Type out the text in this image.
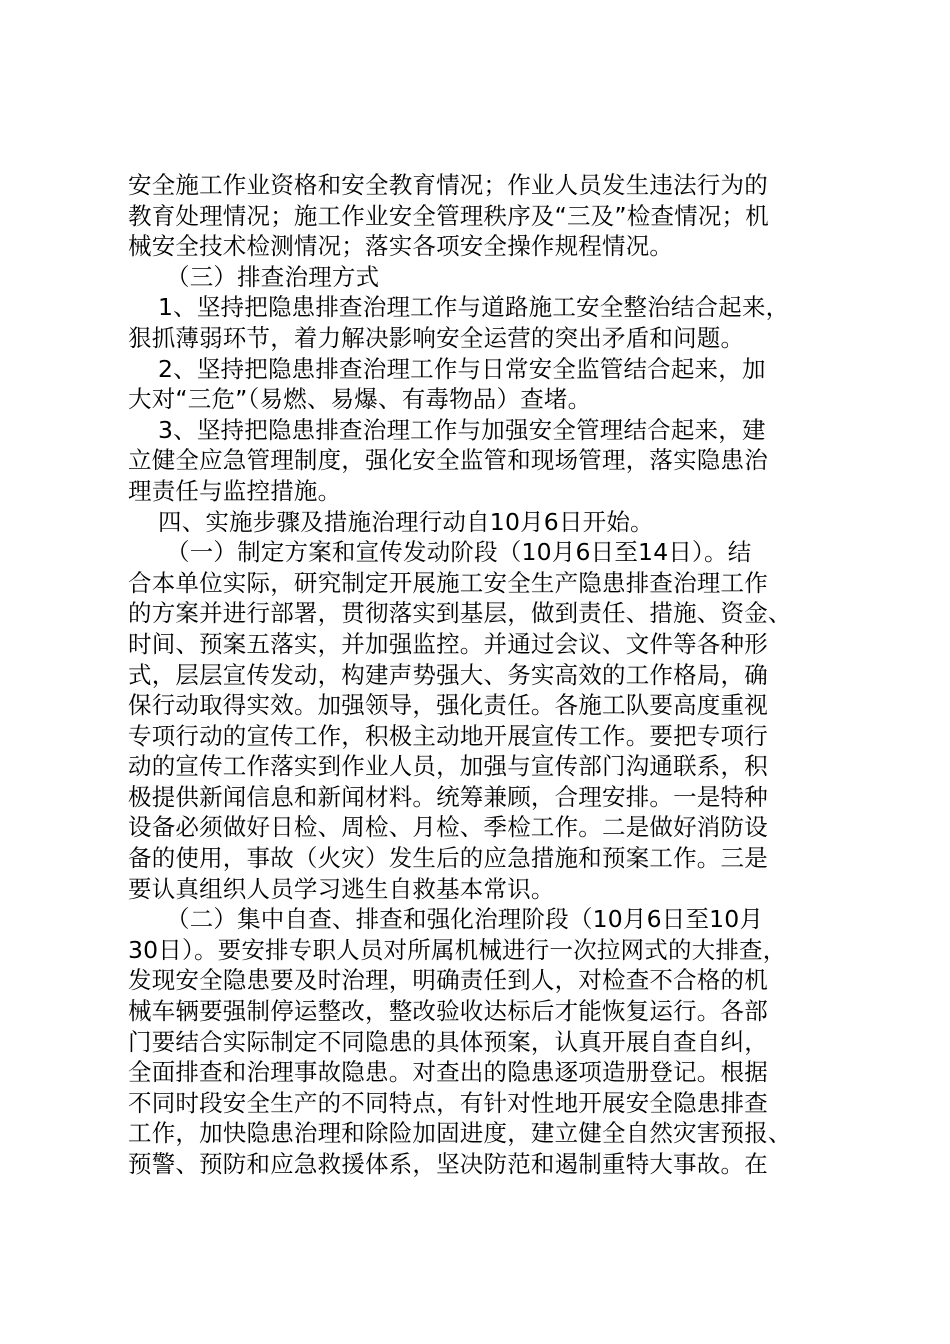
安全施工作业资格和安全教育情况；作业人员发生违法行为的
教育处理情况；施工作业安全管理秩序及“三及”检查情况；机
械安全技术检测情况；落实各项安全操作规程情况。
（三）排查治理方式
1、坚持把隐患排查治理工作与道路施工安全整治结合起来，
狠抓薄弱环节，着力解决影响安全运营的突出矛盾和问题。
2、坚持把隐患排查治理工作与日常安全监管结合起来，加
大对“三危”（易燃、易爆、有毒物品）查堵。
3、坚持把隐患排查治理工作与加强安全管理结合起来，建
立健全应急管理制度，强化安全监管和现场管理，落实隐患治
理责任与监控措施。
四、实施步骤及措施治理行动自10月6日开始。
（一）制定方案和宣传发动阶段（10月6日至14日）。结
合本单位实际，研究制定开展施工安全生产隐患排查治理工作
的方案并进行部署，贯彻落实到基层，做到责任、措施、资金、
时间、预案五落实，并加强监控。并通过会议、文件等各种形
式，层层宣传发动，构建声势强大、务实高效的工作格局，确
保行动取得实效。加强领导，强化责任。各施工队要高度重视
专项行动的宣传工作，积极主动地开展宣传工作。要把专项行
动的宣传工作落实到作业人员，加强与宣传部门沟通联系，积
极提供新闻信息和新闻材料。统筹兼顾，合理安排。一是特种
设备必须做好日检、周检、月检、季检工作。二是做好消防设
备的使用，事故（火灾）发生后的应急措施和预案工作。三是
要认真组织人员学习逃生自救基本常识。
（二）集中自查、排查和强化治理阶段（10月6日至10月
30日）。要安排专职人员对所属机械进行一次拉网式的大排查，
发现安全隐患要及时治理，明确责任到人，对检查不合格的机
械车辆要强制停运整改，整改验收达标后才能恢复运行。各部
门要结合实际制定不同隐患的具体预案，认真开展自查自纠，
全面排查和治理事故隐患。对查出的隐患逐项造册登记。根据
不同时段安全生产的不同特点，有针对性地开展安全隐患排查
工作，加快隐患治理和除险加固进度，建立健全自然灾害预报、
预警、预防和应急救援体系，坚决防范和遏制重特大事故。在
